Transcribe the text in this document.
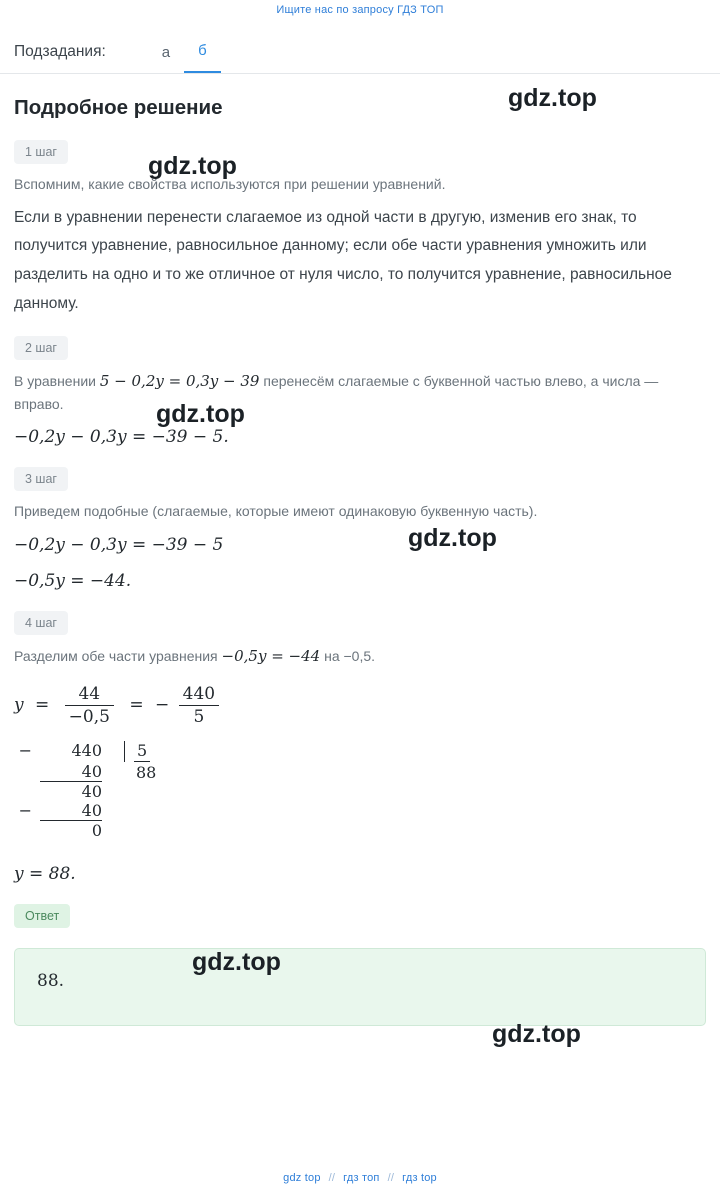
Ищите нас по запросу ГДЗ ТОП
Подзадания:	а	б
Подробное решение
1 шаг
Вспомним, какие свойства используются при решении уравнений.
Если в уравнении перенести слагаемое из одной части в другую, изменив его знак, то получится уравнение, равносильное данному; если обе части уравнения умножить или разделить на одно и то же отличное от нуля число, то получится уравнение, равносильное данному.
2 шаг
В уравнении 5 − 0,2y = 0,3y − 39 перенесём слагаемые с буквенной частью влево, а числа — вправо.
−0,2y − 0,3y = −39 − 5.
3 шаг
Приведем подобные (слагаемые, которые имеют одинаковую буквенную часть).
−0,2y − 0,3y = −39 − 5
−0,5y = −44.
4 шаг
Разделим обе части уравнения −0,5y = −44 на −0,5.
$y = \frac{44}{-0,5}$ = − $\frac{440}{5}$
−	440	5
40	88
40
−	40
0
y = 88.
Ответ
88.
gdz.top
gdz.top
gdz.top
gdz.top
gdz.top
gdz.top
gdz top // гдз топ // гдз top
